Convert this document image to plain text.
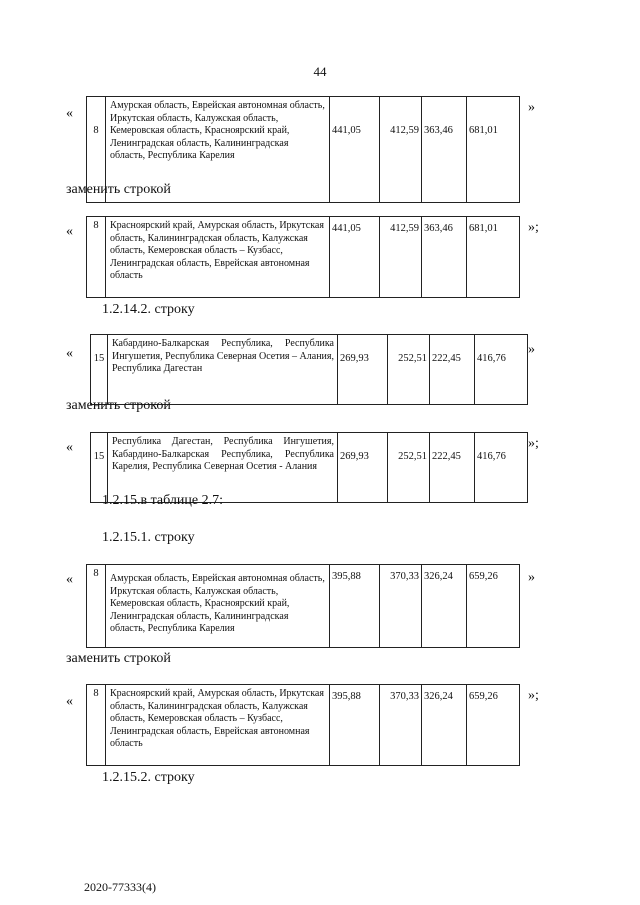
44
«
8	Амурская область, Еврейская автономная область, Иркутская область, Калужская область, Кемеровская область, Красноярский край, Ленинградская область, Калининградская область, Республика Карелия	441,05	412,59	363,46	681,01
»
заменить строкой
« 8	Красноярский край, Амурская область, Иркутская область, Калининградская область, Калужская область, Кемеровская область – Кузбасс, Ленинградская область, Еврейская автономная область	441,05	412,59	363,46	681,01 »;
1.2.14.2. строку
« 15	Кабардино-Балкарская Республика, Республика Ингушетия, Республика Северная Осетия – Алания, Республика Дагестан	269,93	252,51	222,45	416,76
»
заменить строкой
«
15	Республика Дагестан, Республика Ингушетия, Кабардино-Балкарская Республика, Республика Карелия, Республика Северная Осетия - Алания	269,93	252,51	222,45	416,76
»;
1.2.15.в таблице 2.7:
1.2.15.1. строку
« 8	Амурская область, Еврейская автономная область, Иркутская область, Калужская область, Кемеровская область, Красноярский край, Ленинградская область, Калининградская область, Республика Карелия	395,88	370,33	326,24	659,26 »
заменить строкой
«
8	Красноярский край, Амурская область, Иркутская область, Калининградская область, Калужская область, Кемеровская область – Кузбасс, Ленинградская область, Еврейская автономная область	395,88	370,33	326,24	659,26 »;
1.2.15.2. строку
2020-77333(4)
